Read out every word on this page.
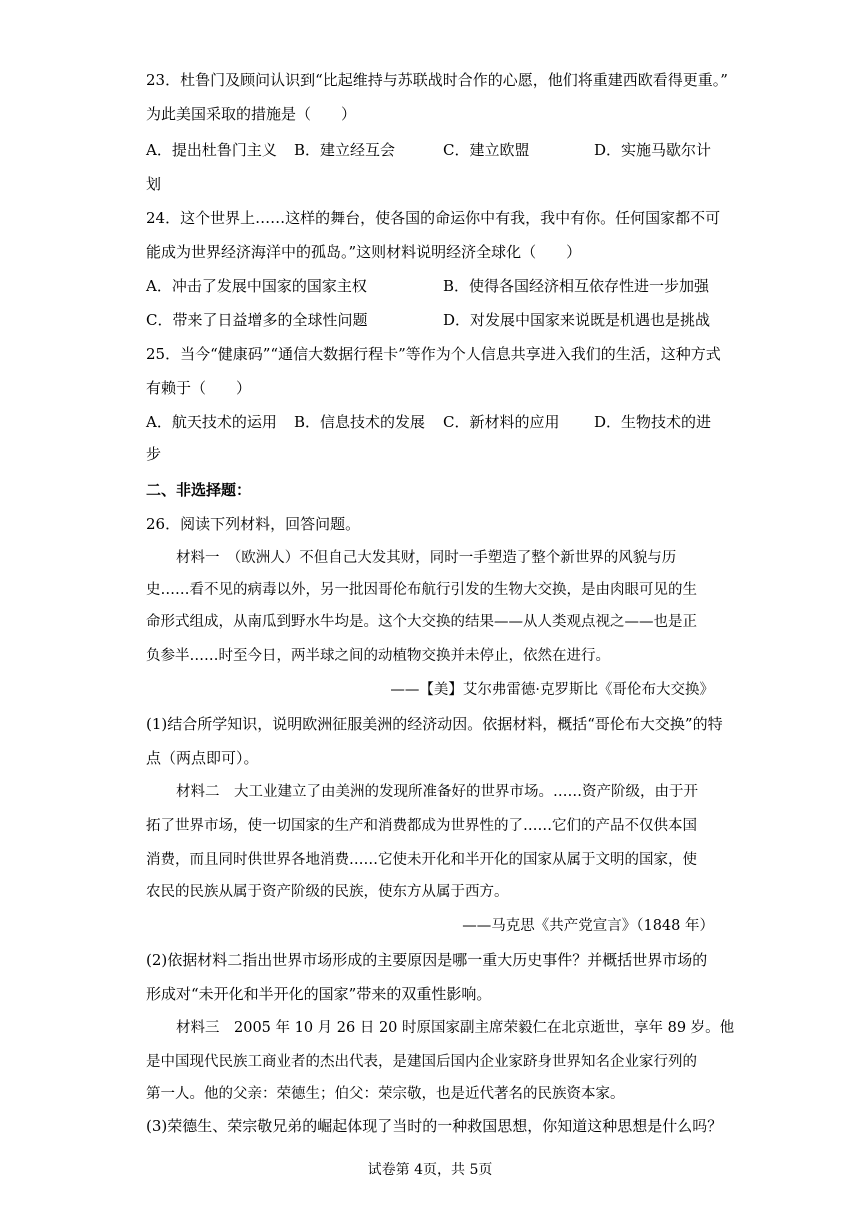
23．杜鲁门及顾问认识到“比起维持与苏联战时合作的心愿，他们将重建西欧看得更重。”
为此美国采取的措施是（　　）
A．提出杜鲁门主义 B．建立经互会	C．建立欧盟	D．实施马歇尔计
划
24．这个世界上……这样的舞台，使各国的命运你中有我，我中有你。任何国家都不可
能成为世界经济海洋中的孤岛。”这则材料说明经济全球化（　　）
A．冲击了发展中国家的国家主权	B．使得各国经济相互依存性进一步加强
C．带来了日益增多的全球性问题	D．对发展中国家来说既是机遇也是挑战
25．当今“健康码”“通信大数据行程卡”等作为个人信息共享进入我们的生活，这种方式
有赖于（　　）
A．航天技术的运用 B．信息技术的发展 C．新材料的应用 D．生物技术的进
步
二、非选择题：
26．阅读下列材料，回答问题。
材料一　（欧洲人）不但自己大发其财，同时一手塑造了整个新世界的风貌与历
史……看不见的病毒以外，另一批因哥伦布航行引发的生物大交换，是由肉眼可见的生
命形式组成，从南瓜到野水牛均是。这个大交换的结果——从人类观点视之——也是正
负参半……时至今日，两半球之间的动植物交换并未停止，依然在进行。
——【美】艾尔弗雷德·克罗斯比《哥伦布大交换》
(1)结合所学知识，说明欧洲征服美洲的经济动因。依据材料，概括“哥伦布大交换”的特
点（两点即可）。
材料二　大工业建立了由美洲的发现所准备好的世界市场。……资产阶级，由于开
拓了世界市场，使一切国家的生产和消费都成为世界性的了……它们的产品不仅供本国
消费，而且同时供世界各地消费……它使未开化和半开化的国家从属于文明的国家，使
农民的民族从属于资产阶级的民族，使东方从属于西方。
——马克思《共产党宣言》（1848 年）
(2)依据材料二指出世界市场形成的主要原因是哪一重大历史事件？并概括世界市场的
形成对“未开化和半开化的国家”带来的双重性影响。
材料三　2005 年 10 月 26 日 20 时原国家副主席荣毅仁在北京逝世，享年 89 岁。他
是中国现代民族工商业者的杰出代表，是建国后国内企业家跻身世界知名企业家行列的
第一人。他的父亲：荣德生；伯父：荣宗敬，也是近代著名的民族资本家。
(3)荣德生、荣宗敬兄弟的崛起体现了当时的一种救国思想，你知道这种思想是什么吗？
试卷第 4页，共 5页
